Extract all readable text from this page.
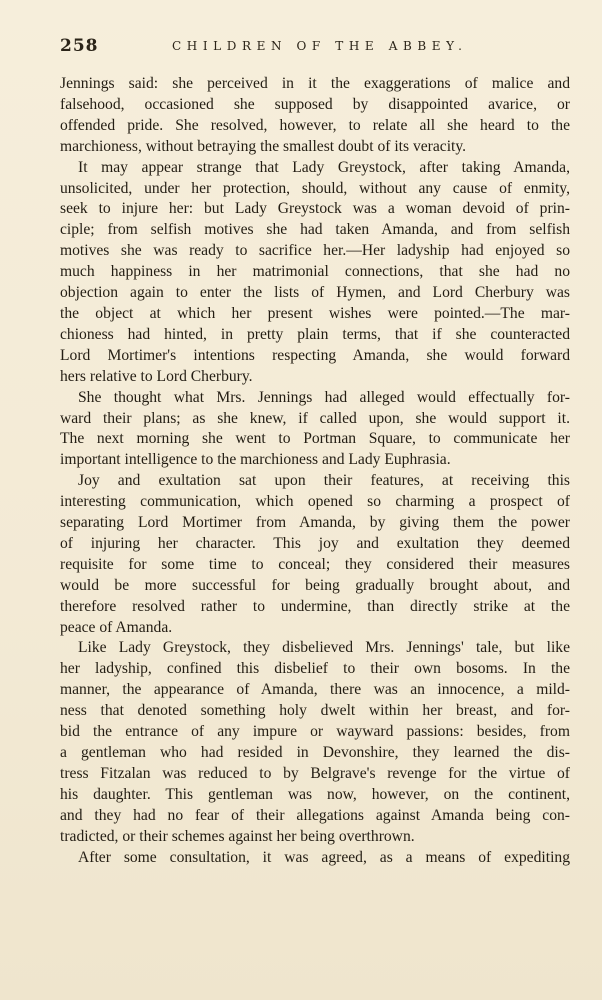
258	CHILDREN OF THE ABBEY.

Jennings said: she perceived in it the exaggerations of malice and

falsehood, occasioned she supposed by disappointed avarice, or

offended pride. She resolved, however, to relate all she heard to the

marchioness, without betraying the smallest doubt of its veracity.

It may appear strange that Lady Greystock, after taking Amanda,

unsolicited, under her protection, should, without any cause of enmity,

seek to injure her: but Lady Greystock was a woman devoid of prin-

ciple; from selfish motives she had taken Amanda, and from selfish

motives she was ready to sacrifice her.—Her ladyship had enjoyed so

much happiness in her matrimonial connections, that she had no

objection again to enter the lists of Hymen, and Lord Cherbury was

the object at which her present wishes were pointed.—The mar-

chioness had hinted, in pretty plain terms, that if she counteracted

Lord Mortimer's intentions respecting Amanda, she would forward

hers relative to Lord Cherbury.

She thought what Mrs. Jennings had alleged would effectually for-

ward their plans; as she knew, if called upon, she would support it.

The next morning she went to Portman Square, to communicate her

important intelligence to the marchioness and Lady Euphrasia.

Joy and exultation sat upon their features, at receiving this

interesting communication, which opened so charming a prospect of

separating Lord Mortimer from Amanda, by giving them the power

of injuring her character. This joy and exultation they deemed

requisite for some time to conceal; they considered their measures

would be more successful for being gradually brought about, and

therefore resolved rather to undermine, than directly strike at the

peace of Amanda.

Like Lady Greystock, they disbelieved Mrs. Jennings' tale, but like

her ladyship, confined this disbelief to their own bosoms. In the

manner, the appearance of Amanda, there was an innocence, a mild-

ness that denoted something holy dwelt within her breast, and for-

bid the entrance of any impure or wayward passions: besides, from

a gentleman who had resided in Devonshire, they learned the dis-

tress Fitzalan was reduced to by Belgrave's revenge for the virtue of

his daughter. This gentleman was now, however, on the continent,

and they had no fear of their allegations against Amanda being con-

tradicted, or their schemes against her being overthrown.

After some consultation, it was agreed, as a means of expediting
